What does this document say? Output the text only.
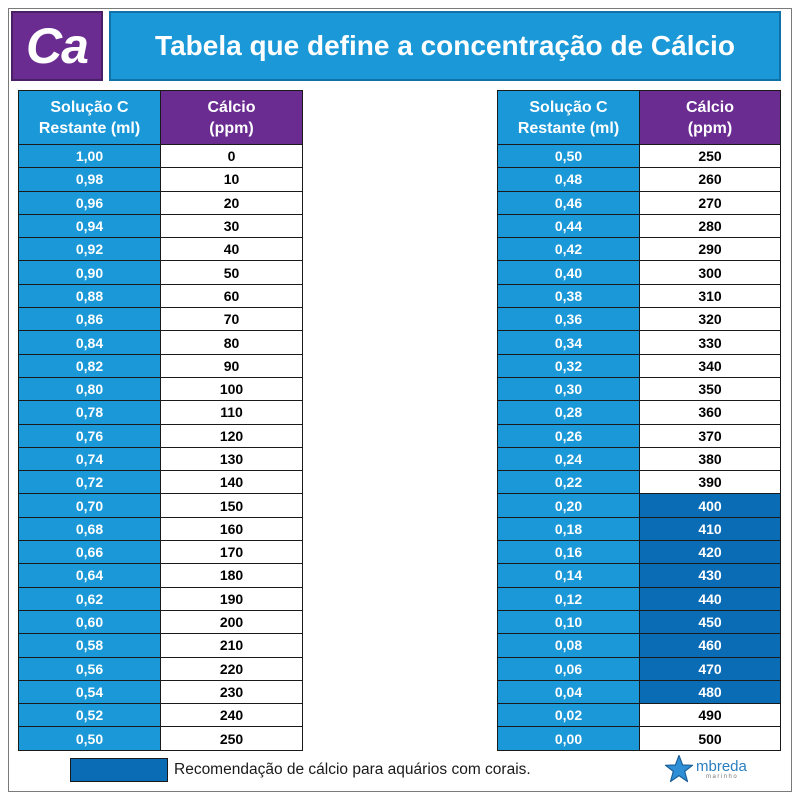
Ca Tabela que define a concentração de Cálcio
Solução C
Restante (ml)	Cálcio
(ppm)
1,00	0
0,98	10
0,96	20
0,94	30
0,92	40
0,90	50
0,88	60
0,86	70
0,84	80
0,82	90
0,80	100
0,78	110
0,76	120
0,74	130
0,72	140
0,70	150
0,68	160
0,66	170
0,64	180
0,62	190
0,60	200
0,58	210
0,56	220
0,54	230
0,52	240
0,50	250
Solução C
Restante (ml)	Cálcio
(ppm)
0,50	250
0,48	260
0,46	270
0,44	280
0,42	290
0,40	300
0,38	310
0,36	320
0,34	330
0,32	340
0,30	350
0,28	360
0,26	370
0,24	380
0,22	390
0,20	400
0,18	410
0,16	420
0,14	430
0,12	440
0,10	450
0,08	460
0,06	470
0,04	480
0,02	490
0,00	500
Recomendação de cálcio para aquários com corais.	mbreda
marinho
